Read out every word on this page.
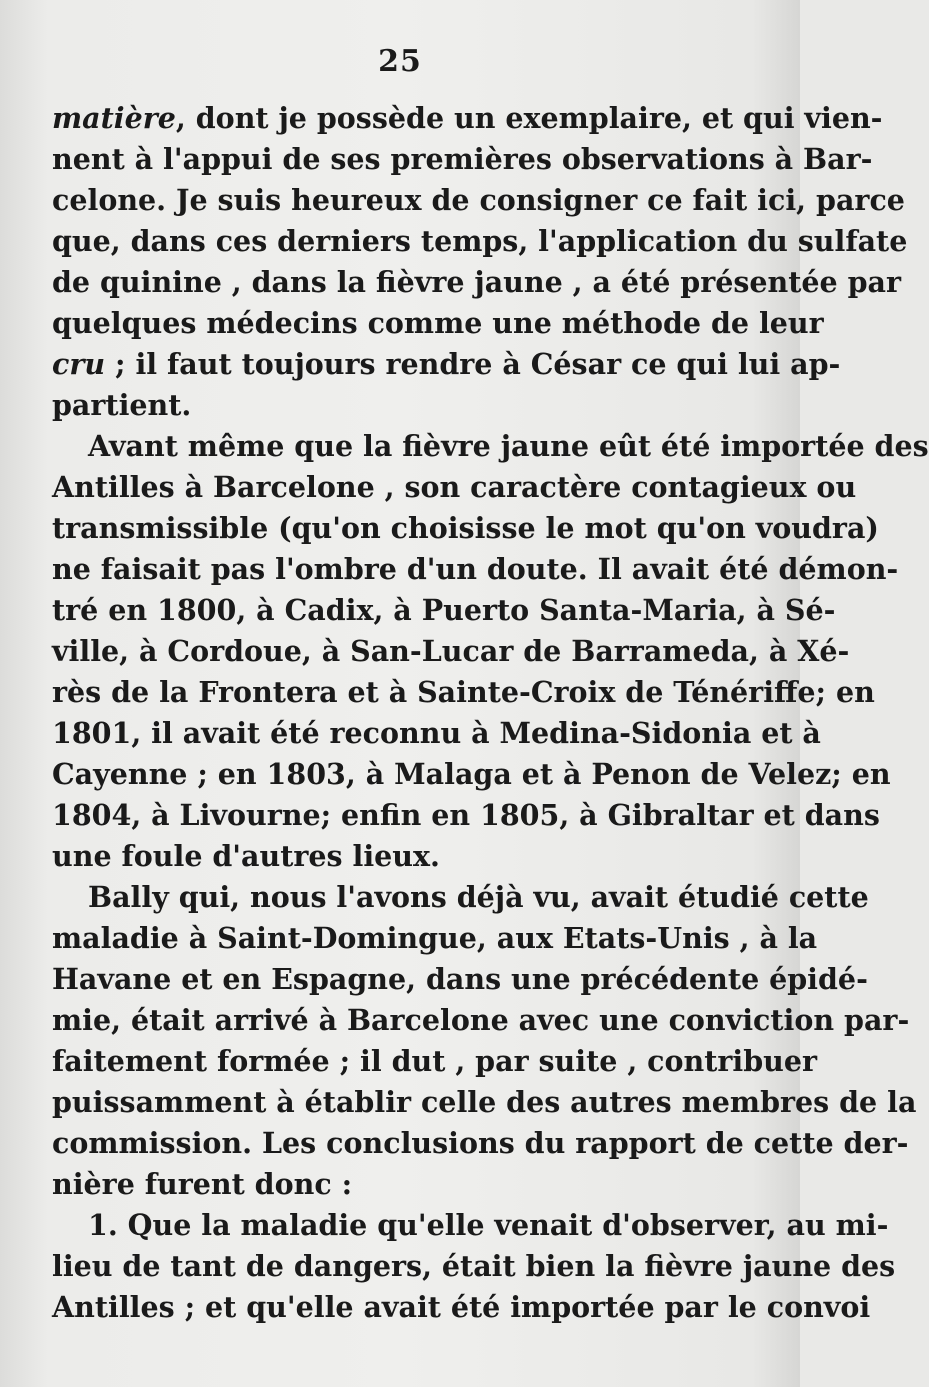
25
matière, dont je possède un exemplaire, et qui vien-
nent à l'appui de ses premières observations à Bar-
celone. Je suis heureux de consigner ce fait ici, parce
que, dans ces derniers temps, l'application du sulfate
de quinine , dans la fièvre jaune , a été présentée par
quelques médecins comme une méthode de leur
cru ; il faut toujours rendre à César ce qui lui ap-
partient.
Avant même que la fièvre jaune eût été importée des
Antilles à Barcelone , son caractère contagieux ou
transmissible (qu'on choisisse le mot qu'on voudra)
ne faisait pas l'ombre d'un doute. Il avait été démon-
tré en 1800, à Cadix, à Puerto Santa-Maria, à Sé-
ville, à Cordoue, à San-Lucar de Barrameda, à Xé-
rès de la Frontera et à Sainte-Croix de Ténériffe; en
1801, il avait été reconnu à Medina-Sidonia et à
Cayenne ; en 1803, à Malaga et à Penon de Velez; en
1804, à Livourne; enfin en 1805, à Gibraltar et dans
une foule d'autres lieux.
Bally qui, nous l'avons déjà vu, avait étudié cette
maladie à Saint-Domingue, aux Etats-Unis , à la
Havane et en Espagne, dans une précédente épidé-
mie, était arrivé à Barcelone avec une conviction par-
faitement formée ; il dut , par suite , contribuer
puissamment à établir celle des autres membres de la
commission. Les conclusions du rapport de cette der-
nière furent donc :
1. Que la maladie qu'elle venait d'observer, au mi-
lieu de tant de dangers, était bien la fièvre jaune des
Antilles ; et qu'elle avait été importée par le convoi
